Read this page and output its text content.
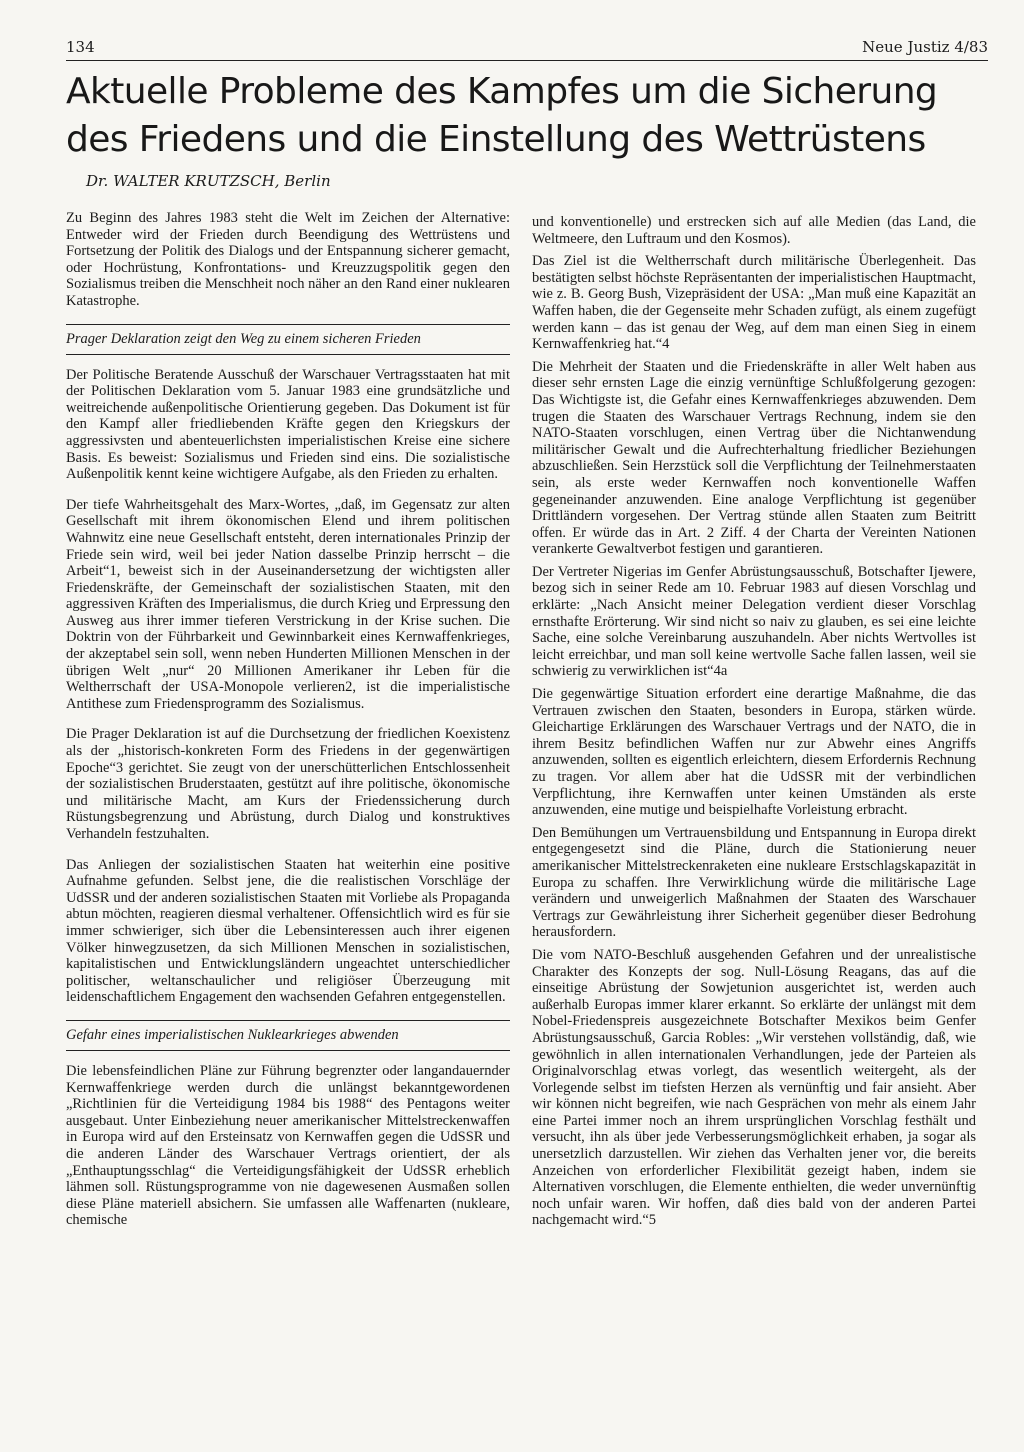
134	Neue Justiz 4/83
Aktuelle Probleme des Kampfes um die Sicherung des Friedens und die Einstellung des Wettrüstens
Dr. WALTER KRUTZSCH, Berlin

Zu Beginn des Jahres 1983 steht die Welt im Zeichen der Alternative: Entweder wird der Frieden durch Beendigung des Wettrüstens und Fortsetzung der Politik des Dialogs und der Entspannung sicherer gemacht, oder Hochrüstung, Konfrontations- und Kreuzzugspolitik gegen den Sozialismus treiben die Menschheit noch näher an den Rand einer nuklearen Katastrophe.

Prager Deklaration zeigt den Weg zu einem sicheren Frieden

Der Politische Beratende Ausschuß der Warschauer Vertragsstaaten hat mit der Politischen Deklaration vom 5. Januar 1983 eine grundsätzliche und weitreichende außenpolitische Orientierung gegeben. Das Dokument ist für den Kampf aller friedliebenden Kräfte gegen den Kriegskurs der aggressivsten und abenteuerlichsten imperialistischen Kreise eine sichere Basis. Es beweist: Sozialismus und Frieden sind eins. Die sozialistische Außenpolitik kennt keine wichtigere Aufgabe, als den Frieden zu erhalten.

Der tiefe Wahrheitsgehalt des Marx-Wortes, „daß, im Gegensatz zur alten Gesellschaft mit ihrem ökonomischen Elend und ihrem politischen Wahnwitz eine neue Gesellschaft entsteht, deren internationales Prinzip der Friede sein wird, weil bei jeder Nation dasselbe Prinzip herrscht – die Arbeit“1, beweist sich in der Auseinandersetzung der wichtigsten aller Friedenskräfte, der Gemeinschaft der sozialistischen Staaten, mit den aggressiven Kräften des Imperialismus, die durch Krieg und Erpressung den Ausweg aus ihrer immer tieferen Verstrickung in der Krise suchen. Die Doktrin von der Führbarkeit und Gewinnbarkeit eines Kernwaffenkrieges, der akzeptabel sein soll, wenn neben Hunderten Millionen Menschen in der übrigen Welt „nur“ 20 Millionen Amerikaner ihr Leben für die Weltherrschaft der USA-Monopole verlieren2, ist die imperialistische Antithese zum Friedensprogramm des Sozialismus.

Die Prager Deklaration ist auf die Durchsetzung der friedlichen Koexistenz als der „historisch-konkreten Form des Friedens in der gegenwärtigen Epoche“3 gerichtet. Sie zeugt von der unerschütterlichen Entschlossenheit der sozialistischen Bruderstaaten, gestützt auf ihre politische, ökonomische und militärische Macht, am Kurs der Friedenssicherung durch Rüstungsbegrenzung und Abrüstung, durch Dialog und konstruktives Verhandeln festzuhalten.

Das Anliegen der sozialistischen Staaten hat weiterhin eine positive Aufnahme gefunden. Selbst jene, die die realistischen Vorschläge der UdSSR und der anderen sozialistischen Staaten mit Vorliebe als Propaganda abtun möchten, reagieren diesmal verhaltener. Offensichtlich wird es für sie immer schwieriger, sich über die Lebensinteressen auch ihrer eigenen Völker hinwegzusetzen, da sich Millionen Menschen in sozialistischen, kapitalistischen und Entwicklungsländern ungeachtet unterschiedlicher politischer, weltanschaulicher und religiöser Überzeugung mit leidenschaftlichem Engagement den wachsenden Gefahren entgegenstellen.

Gefahr eines imperialistischen Nuklearkrieges abwenden

Die lebensfeindlichen Pläne zur Führung begrenzter oder langandauernder Kernwaffenkriege werden durch die unlängst bekanntgewordenen „Richtlinien für die Verteidigung 1984 bis 1988“ des Pentagons weiter ausgebaut. Unter Einbeziehung neuer amerikanischer Mittelstreckenwaffen in Europa wird auf den Ersteinsatz von Kernwaffen gegen die UdSSR und die anderen Länder des Warschauer Vertrags orientiert, der als „Enthauptungsschlag“ die Verteidigungsfähigkeit der UdSSR erheblich lähmen soll. Rüstungsprogramme von nie dagewesenen Ausmaßen sollen diese Pläne materiell absichern. Sie umfassen alle Waffenarten (nukleare, chemische

und konventionelle) und erstrecken sich auf alle Medien (das Land, die Weltmeere, den Luftraum und den Kosmos).

Das Ziel ist die Weltherrschaft durch militärische Überlegenheit. Das bestätigten selbst höchste Repräsentanten der imperialistischen Hauptmacht, wie z. B. Georg Bush, Vizepräsident der USA: „Man muß eine Kapazität an Waffen haben, die der Gegenseite mehr Schaden zufügt, als einem zugefügt werden kann – das ist genau der Weg, auf dem man einen Sieg in einem Kernwaffenkrieg hat.“4

Die Mehrheit der Staaten und die Friedenskräfte in aller Welt haben aus dieser sehr ernsten Lage die einzig vernünftige Schlußfolgerung gezogen: Das Wichtigste ist, die Gefahr eines Kernwaffenkrieges abzuwenden. Dem trugen die Staaten des Warschauer Vertrags Rechnung, indem sie den NATO-Staaten vorschlugen, einen Vertrag über die Nichtanwendung militärischer Gewalt und die Aufrechterhaltung friedlicher Beziehungen abzuschließen. Sein Herzstück soll die Verpflichtung der Teilnehmerstaaten sein, als erste weder Kernwaffen noch konventionelle Waffen gegeneinander anzuwenden. Eine analoge Verpflichtung ist gegenüber Drittländern vorgesehen. Der Vertrag stünde allen Staaten zum Beitritt offen. Er würde das in Art. 2 Ziff. 4 der Charta der Vereinten Nationen verankerte Gewaltverbot festigen und garantieren.

Der Vertreter Nigerias im Genfer Abrüstungsausschuß, Botschafter Ijewere, bezog sich in seiner Rede am 10. Februar 1983 auf diesen Vorschlag und erklärte: „Nach Ansicht meiner Delegation verdient dieser Vorschlag ernsthafte Erörterung. Wir sind nicht so naiv zu glauben, es sei eine leichte Sache, eine solche Vereinbarung auszuhandeln. Aber nichts Wertvolles ist leicht erreichbar, und man soll keine wertvolle Sache fallen lassen, weil sie schwierig zu verwirklichen ist“4a

Die gegenwärtige Situation erfordert eine derartige Maßnahme, die das Vertrauen zwischen den Staaten, besonders in Europa, stärken würde. Gleichartige Erklärungen des Warschauer Vertrags und der NATO, die in ihrem Besitz befindlichen Waffen nur zur Abwehr eines Angriffs anzuwenden, sollten es eigentlich erleichtern, diesem Erfordernis Rechnung zu tragen. Vor allem aber hat die UdSSR mit der verbindlichen Verpflichtung, ihre Kernwaffen unter keinen Umständen als erste anzuwenden, eine mutige und beispielhafte Vorleistung erbracht.

Den Bemühungen um Vertrauensbildung und Entspannung in Europa direkt entgegengesetzt sind die Pläne, durch die Stationierung neuer amerikanischer Mittelstreckenraketen eine nukleare Erstschlagskapazität in Europa zu schaffen. Ihre Verwirklichung würde die militärische Lage verändern und unweigerlich Maßnahmen der Staaten des Warschauer Vertrags zur Gewährleistung ihrer Sicherheit gegenüber dieser Bedrohung herausfordern.

Die vom NATO-Beschluß ausgehenden Gefahren und der unrealistische Charakter des Konzepts der sog. Null-Lösung Reagans, das auf die einseitige Abrüstung der Sowjetunion ausgerichtet ist, werden auch außerhalb Europas immer klarer erkannt. So erklärte der unlängst mit dem Nobel-Friedenspreis ausgezeichnete Botschafter Mexikos beim Genfer Abrüstungsausschuß, Garcia Robles: „Wir verstehen vollständig, daß, wie gewöhnlich in allen internationalen Verhandlungen, jede der Parteien als Originalvorschlag etwas vorlegt, das wesentlich weitergeht, als der Vorlegende selbst im tiefsten Herzen als vernünftig und fair ansieht. Aber wir können nicht begreifen, wie nach Gesprächen von mehr als einem Jahr eine Partei immer noch an ihrem ursprünglichen Vorschlag festhält und versucht, ihn als über jede Verbesserungsmöglichkeit erhaben, ja sogar als unersetzlich darzustellen. Wir ziehen das Verhalten jener vor, die bereits Anzeichen von erforderlicher Flexibilität gezeigt haben, indem sie Alternativen vorschlugen, die Elemente enthielten, die weder unvernünftig noch unfair waren. Wir hoffen, daß dies bald von der anderen Partei nachgemacht wird.“5
